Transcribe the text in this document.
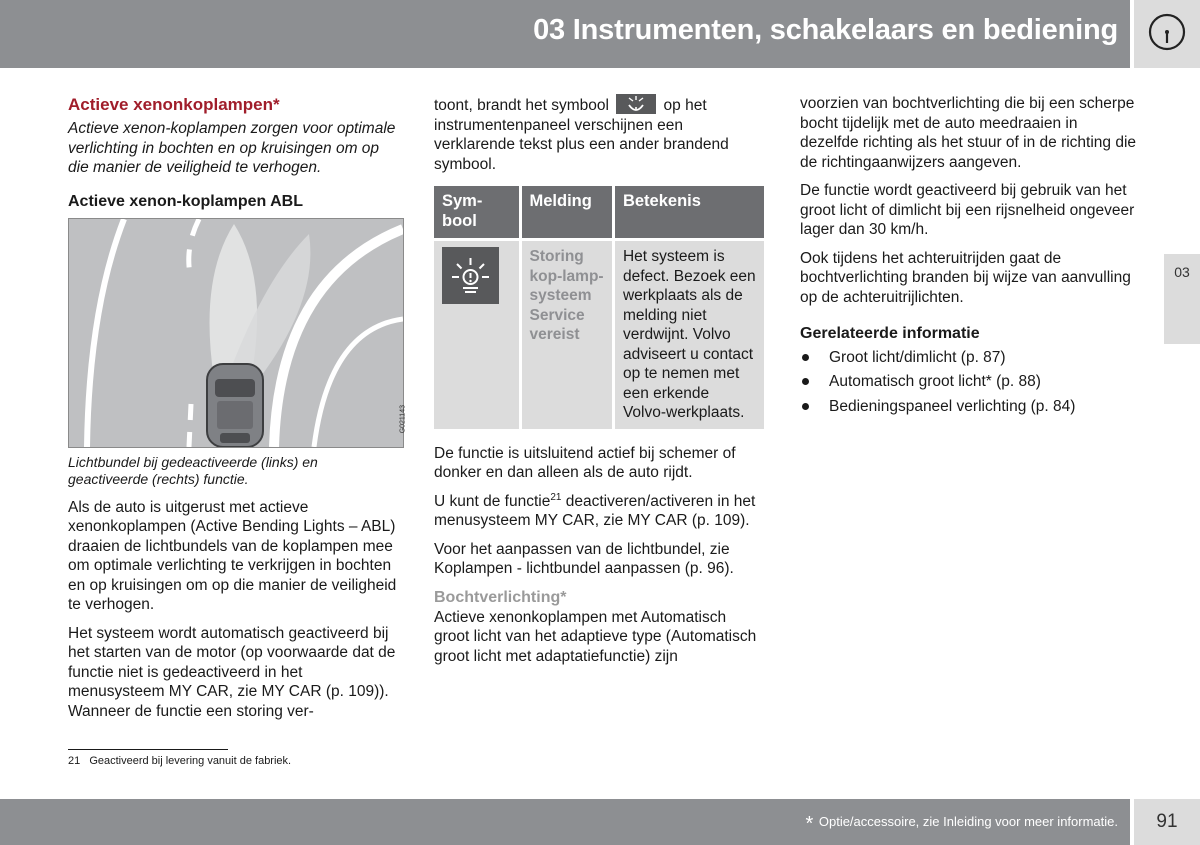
03 Instrumenten, schakelaars en bediening
03
Actieve xenonkoplampen*

Actieve xenon-koplampen zorgen voor optimale verlichting in bochten en op kruisingen om op die manier de veiligheid te verhogen.

Actieve xenon-koplampen ABL
G021143

Lichtbundel bij gedeactiveerde (links) en geactiveerde (rechts) functie.

Als de auto is uitgerust met actieve xenonkoplampen (Active Bending Lights – ABL) draaien de lichtbundels van de koplampen mee om optimale verlichting te verkrijgen in bochten en op kruisingen om op die manier de veiligheid te verhogen.

Het systeem wordt automatisch geactiveerd bij het starten van de motor (op voorwaarde dat de functie niet is gedeactiveerd in het menusysteem MY CAR, zie MY CAR (p. 109)). Wanneer de functie een storing ver-

toont, brandt het symbool	op het instrumentenpaneel verschijnen een verklarende tekst plus een ander brandend symbool.

Sym-bool	Melding	Betekenis

	Storing kop-lamp-systeem Service vereist	Het systeem is defect. Bezoek een werkplaats als de melding niet verdwijnt. Volvo adviseert u contact op te nemen met een erkende Volvo-werkplaats.

De functie is uitsluitend actief bij schemer of donker en dan alleen als de auto rijdt.

U kunt de functie$^{21}$ deactiveren/activeren in het menusysteem MY CAR, zie MY CAR (p. 109).

Voor het aanpassen van de lichtbundel, zie Koplampen - lichtbundel aanpassen (p. 96).

Bochtverlichting*

Actieve xenonkoplampen met Automatisch groot licht van het adaptieve type (Automatisch groot licht met adaptatiefunctie) zijn

voorzien van bochtverlichting die bij een scherpe bocht tijdelijk met de auto meedraaien in dezelfde richting als het stuur of in de richting die de richtingaanwijzers aangeven.

De functie wordt geactiveerd bij gebruik van het groot licht of dimlicht bij een rijsnelheid ongeveer lager dan 30 km/h.

Ook tijdens het achteruitrijden gaat de bochtverlichting branden bij wijze van aanvulling op de achteruitrijlichten.

Gerelateerde informatie
Groot licht/dimlicht (p. 87)
Automatisch groot licht* (p. 88)
Bedieningspaneel verlichting (p. 84)
21 Geactiveerd bij levering vanuit de fabriek.
* Optie/accessoire, zie Inleiding voor meer informatie.	91
